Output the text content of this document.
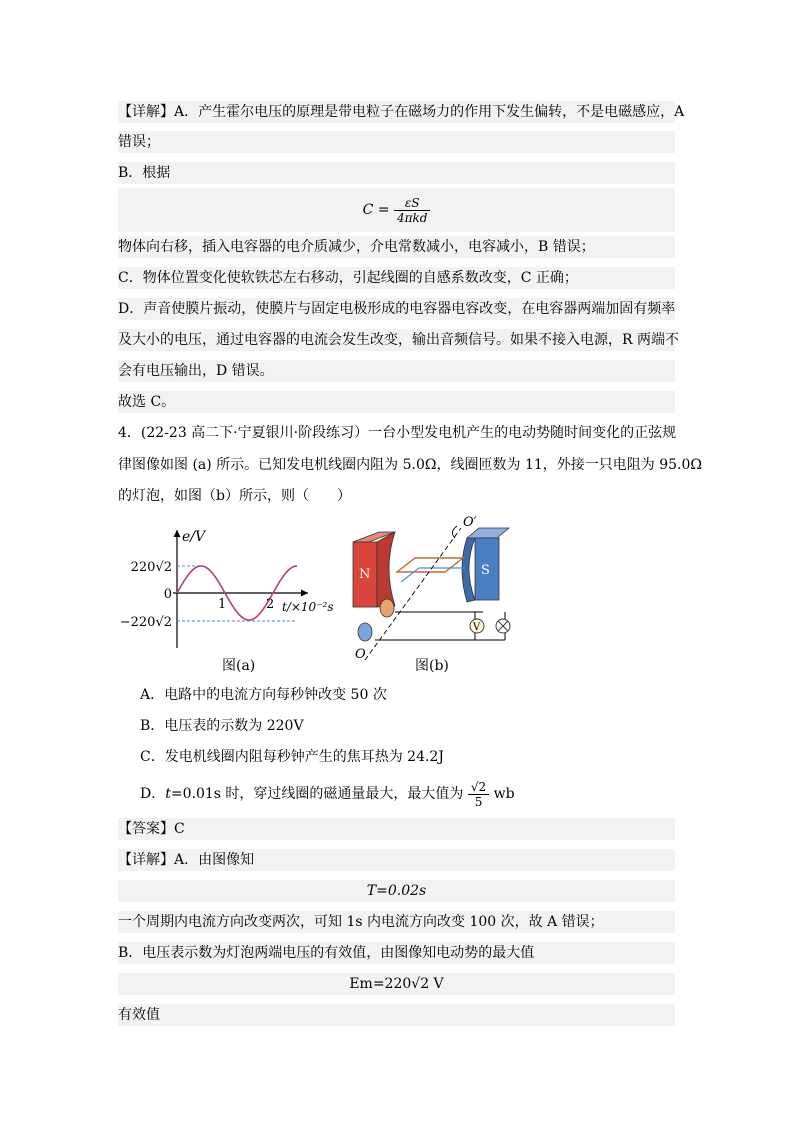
【详解】A．产生霍尔电压的原理是带电粒子在磁场力的作用下发生偏转，不是电磁感应，A
错误；
B．根据
$C = \frac{\varepsilon S}{\text{4πkd}}$
物体向右移，插入电容器的电介质减少，介电常数减小，电容减小，B 错误；
C．物体位置变化使软铁芯左右移动，引起线圈的自感系数改变，C 正确；
D．声音使膜片振动，使膜片与固定电极形成的电容器电容改变，在电容器两端加固有频率
及大小的电压，通过电容器的电流会发生改变，输出音频信号。如果不接入电源，R 两端不
会有电压输出，D 错误。
故选 C。
4．(22-23 高二下·宁夏银川·阶段练习）一台小型发电机产生的电动势随时间变化的正弦规
律图像如图 (a) 所示。已知发电机线圈内阻为 5.0Ω，线圈匝数为 11，外接一只电阻为 95.0Ω
的灯泡，如图（b）所示，则（　　）
e/V
220√2
0
−220√2
1	2 t/×10⁻²s
图(a)
N	S
O′
O
V
图(b)
A．电路中的电流方向每秒钟改变 50 次
B．电压表的示数为 220V
C．发电机线圈内阻每秒钟产生的焦耳热为 24.2J
D．t=0.01s 时，穿过线圈的磁通量最大，最大值为 $\frac{√2}{5}$ wb
【答案】C
【详解】A．由图像知
T=0.02s
一个周期内电流方向改变两次，可知 1s 内电流方向改变 100 次，故 A 错误；
B．电压表示数为灯泡两端电压的有效值，由图像知电动势的最大值
Em=220√2 V
有效值
